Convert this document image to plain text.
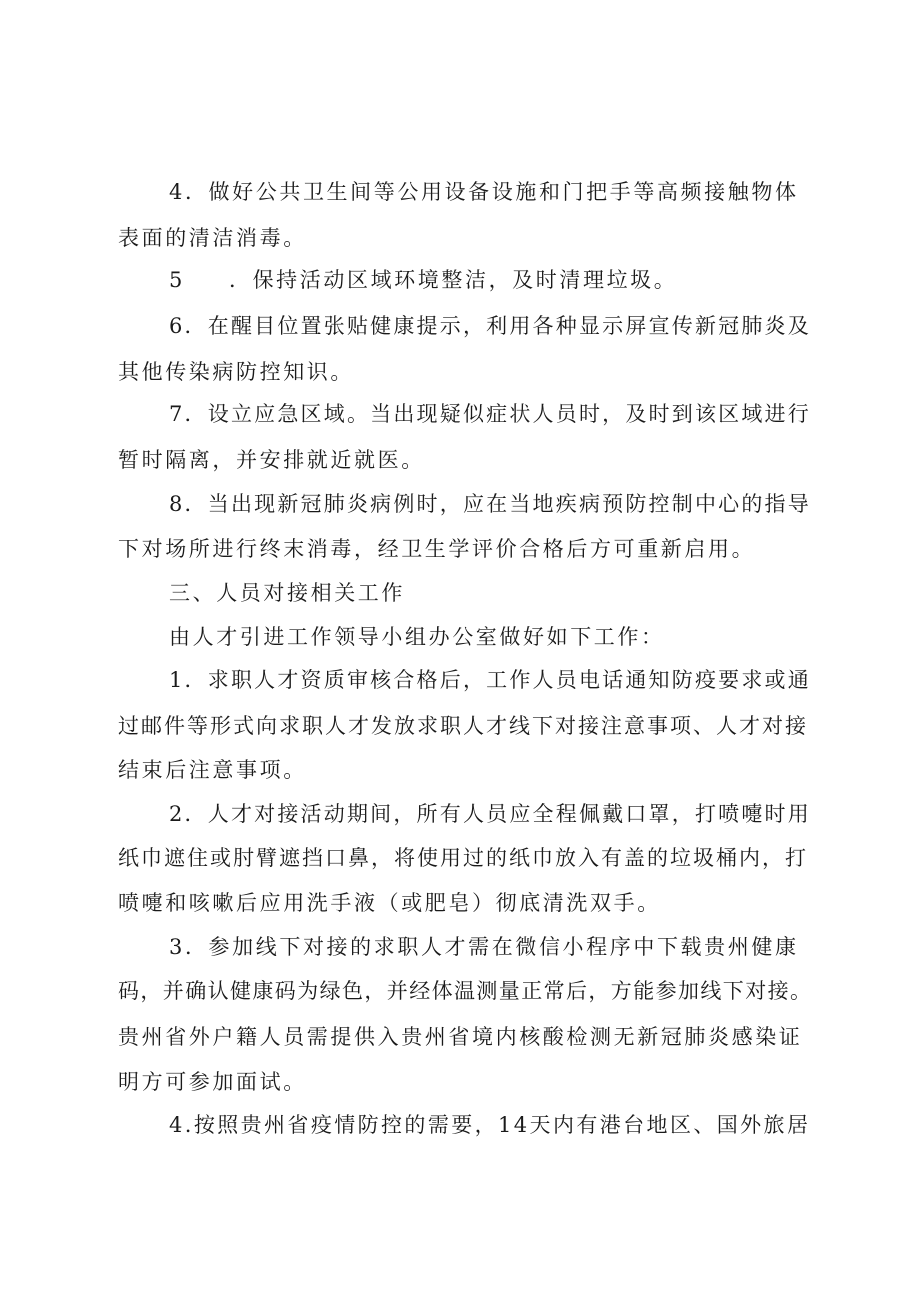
4．做好公共卫生间等公用设备设施和门把手等高频接触物体
表面的清洁消毒。
5 ．保持活动区域环境整洁，及时清理垃圾。
6．在醒目位置张贴健康提示，利用各种显示屏宣传新冠肺炎及
其他传染病防控知识。
7．设立应急区域。当出现疑似症状人员时，及时到该区域进行
暂时隔离，并安排就近就医。
8．当出现新冠肺炎病例时，应在当地疾病预防控制中心的指导
下对场所进行终末消毒，经卫生学评价合格后方可重新启用。
三、人员对接相关工作
由人才引进工作领导小组办公室做好如下工作：
1．求职人才资质审核合格后，工作人员电话通知防疫要求或通
过邮件等形式向求职人才发放求职人才线下对接注意事项、人才对接
结束后注意事项。
2．人才对接活动期间，所有人员应全程佩戴口罩，打喷嚏时用
纸巾遮住或肘臂遮挡口鼻，将使用过的纸巾放入有盖的垃圾桶内，打
喷嚏和咳嗽后应用洗手液（或肥皂）彻底清洗双手。
3．参加线下对接的求职人才需在微信小程序中下载贵州健康
码，并确认健康码为绿色，并经体温测量正常后，方能参加线下对接。
贵州省外户籍人员需提供入贵州省境内核酸检测无新冠肺炎感染证
明方可参加面试。
4.按照贵州省疫情防控的需要，14天内有港台地区、国外旅居
